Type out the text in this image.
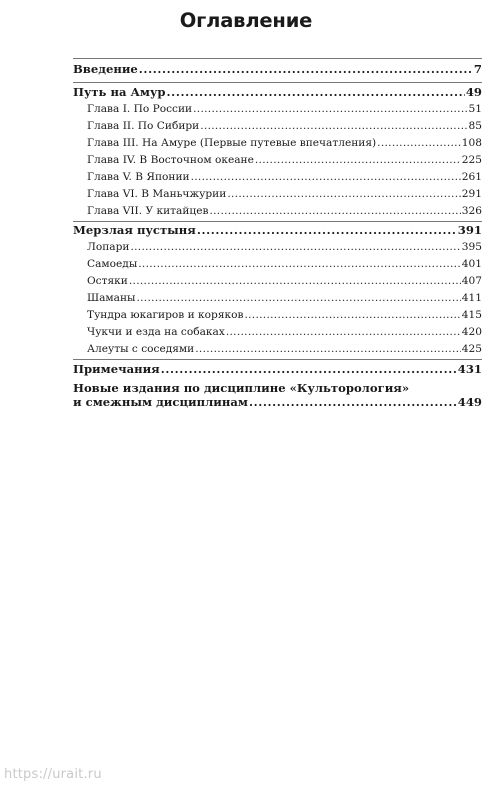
Оглавление
Введение .....	7
Путь на Амур .....	49
Глава I. По России .....	51
Глава II. По Сибири .....	85
Глава III. На Амуре (Первые путевые впечатления) .....	108
Глава IV. В Восточном океане .....	225
Глава V. В Японии .....	261
Глава VI. В Маньчжурии .....	291
Глава VII. У китайцев .....	326
Мерзлая пустыня .....	391
Лопари .....	395
Самоеды .....	401
Остяки .....	407
Шаманы .....	411
Тундра юкагиров и коряков .....	415
Чукчи и езда на собаках .....	420
Алеуты с соседями .....	425
Примечания .....	431
Новые издания по дисциплине «Культорология»
и смежным дисциплинам .....	449
https://urait.ru
